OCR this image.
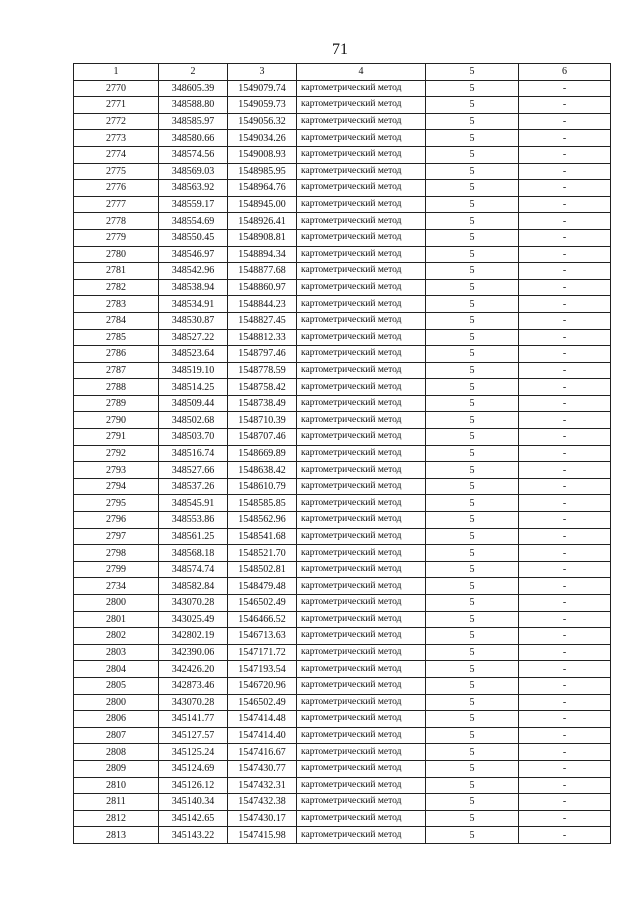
71
1	2	3	4	5	6
2770	348605.39	1549079.74	картометрический метод	5	-
2771	348588.80	1549059.73	картометрический метод	5	-
2772	348585.97	1549056.32	картометрический метод	5	-
2773	348580.66	1549034.26	картометрический метод	5	-
2774	348574.56	1549008.93	картометрический метод	5	-
2775	348569.03	1548985.95	картометрический метод	5	-
2776	348563.92	1548964.76	картометрический метод	5	-
2777	348559.17	1548945.00	картометрический метод	5	-
2778	348554.69	1548926.41	картометрический метод	5	-
2779	348550.45	1548908.81	картометрический метод	5	-
2780	348546.97	1548894.34	картометрический метод	5	-
2781	348542.96	1548877.68	картометрический метод	5	-
2782	348538.94	1548860.97	картометрический метод	5	-
2783	348534.91	1548844.23	картометрический метод	5	-
2784	348530.87	1548827.45	картометрический метод	5	-
2785	348527.22	1548812.33	картометрический метод	5	-
2786	348523.64	1548797.46	картометрический метод	5	-
2787	348519.10	1548778.59	картометрический метод	5	-
2788	348514.25	1548758.42	картометрический метод	5	-
2789	348509.44	1548738.49	картометрический метод	5	-
2790	348502.68	1548710.39	картометрический метод	5	-
2791	348503.70	1548707.46	картометрический метод	5	-
2792	348516.74	1548669.89	картометрический метод	5	-
2793	348527.66	1548638.42	картометрический метод	5	-
2794	348537.26	1548610.79	картометрический метод	5	-
2795	348545.91	1548585.85	картометрический метод	5	-
2796	348553.86	1548562.96	картометрический метод	5	-
2797	348561.25	1548541.68	картометрический метод	5	-
2798	348568.18	1548521.70	картометрический метод	5	-
2799	348574.74	1548502.81	картометрический метод	5	-
2734	348582.84	1548479.48	картометрический метод	5	-
2800	343070.28	1546502.49	картометрический метод	5	-
2801	343025.49	1546466.52	картометрический метод	5	-
2802	342802.19	1546713.63	картометрический метод	5	-
2803	342390.06	1547171.72	картометрический метод	5	-
2804	342426.20	1547193.54	картометрический метод	5	-
2805	342873.46	1546720.96	картометрический метод	5	-
2800	343070.28	1546502.49	картометрический метод	5	-
2806	345141.77	1547414.48	картометрический метод	5	-
2807	345127.57	1547414.40	картометрический метод	5	-
2808	345125.24	1547416.67	картометрический метод	5	-
2809	345124.69	1547430.77	картометрический метод	5	-
2810	345126.12	1547432.31	картометрический метод	5	-
2811	345140.34	1547432.38	картометрический метод	5	-
2812	345142.65	1547430.17	картометрический метод	5	-
2813	345143.22	1547415.98	картометрический метод	5	-
